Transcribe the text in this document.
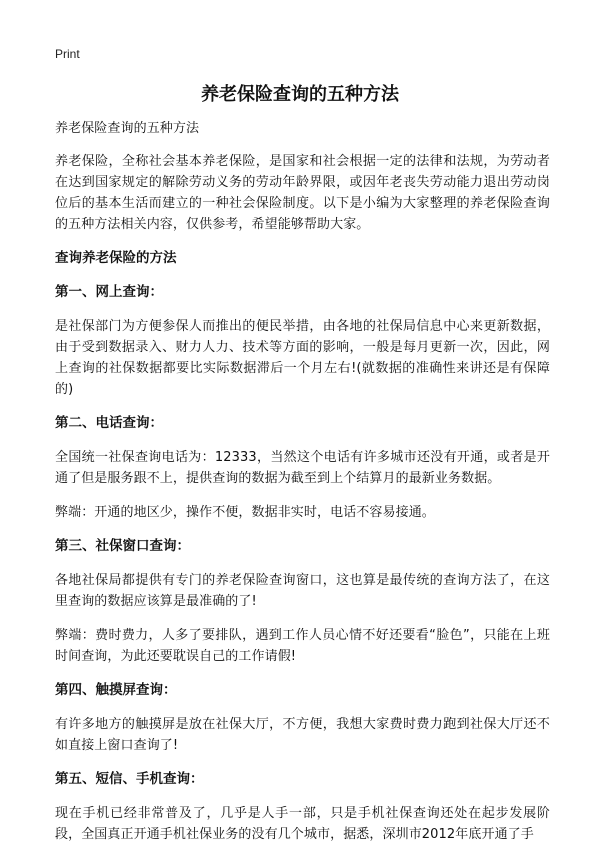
Print
养老保险查询的五种方法

养老保险查询的五种方法

养老保险，全称社会基本养老保险，是国家和社会根据一定的法律和法规，为劳动者在达到国家规定的解除劳动义务的劳动年龄界限，或因年老丧失劳动能力退出劳动岗位后的基本生活而建立的一种社会保险制度。以下是小编为大家整理的养老保险查询的五种方法相关内容，仅供参考，希望能够帮助大家。

查询养老保险的方法

第一、网上查询：

是社保部门为方便参保人而推出的便民举措，由各地的社保局信息中心来更新数据，由于受到数据录入、财力人力、技术等方面的影响，一般是每月更新一次，因此，网上查询的社保数据都要比实际数据滞后一个月左右!(就数据的准确性来讲还是有保障的)

第二、电话查询：

全国统一社保查询电话为：12333，当然这个电话有许多城市还没有开通，或者是开通了但是服务跟不上，提供查询的数据为截至到上个结算月的最新业务数据。

弊端：开通的地区少，操作不便，数据非实时，电话不容易接通。

第三、社保窗口查询：

各地社保局都提供有专门的养老保险查询窗口，这也算是最传统的查询方法了，在这里查询的数据应该算是最准确的了!

弊端：费时费力，人多了要排队，遇到工作人员心情不好还要看“脸色”，只能在上班时间查询，为此还要耽误自己的工作请假!

第四、触摸屏查询：

有许多地方的触摸屏是放在社保大厅，不方便，我想大家费时费力跑到社保大厅还不如直接上窗口查询了!

第五、短信、手机查询：

现在手机已经非常普及了，几乎是人手一部，只是手机社保查询还处在起步发展阶段，全国真正开通手机社保业务的没有几个城市，据悉，深圳市2012年底开通了手
